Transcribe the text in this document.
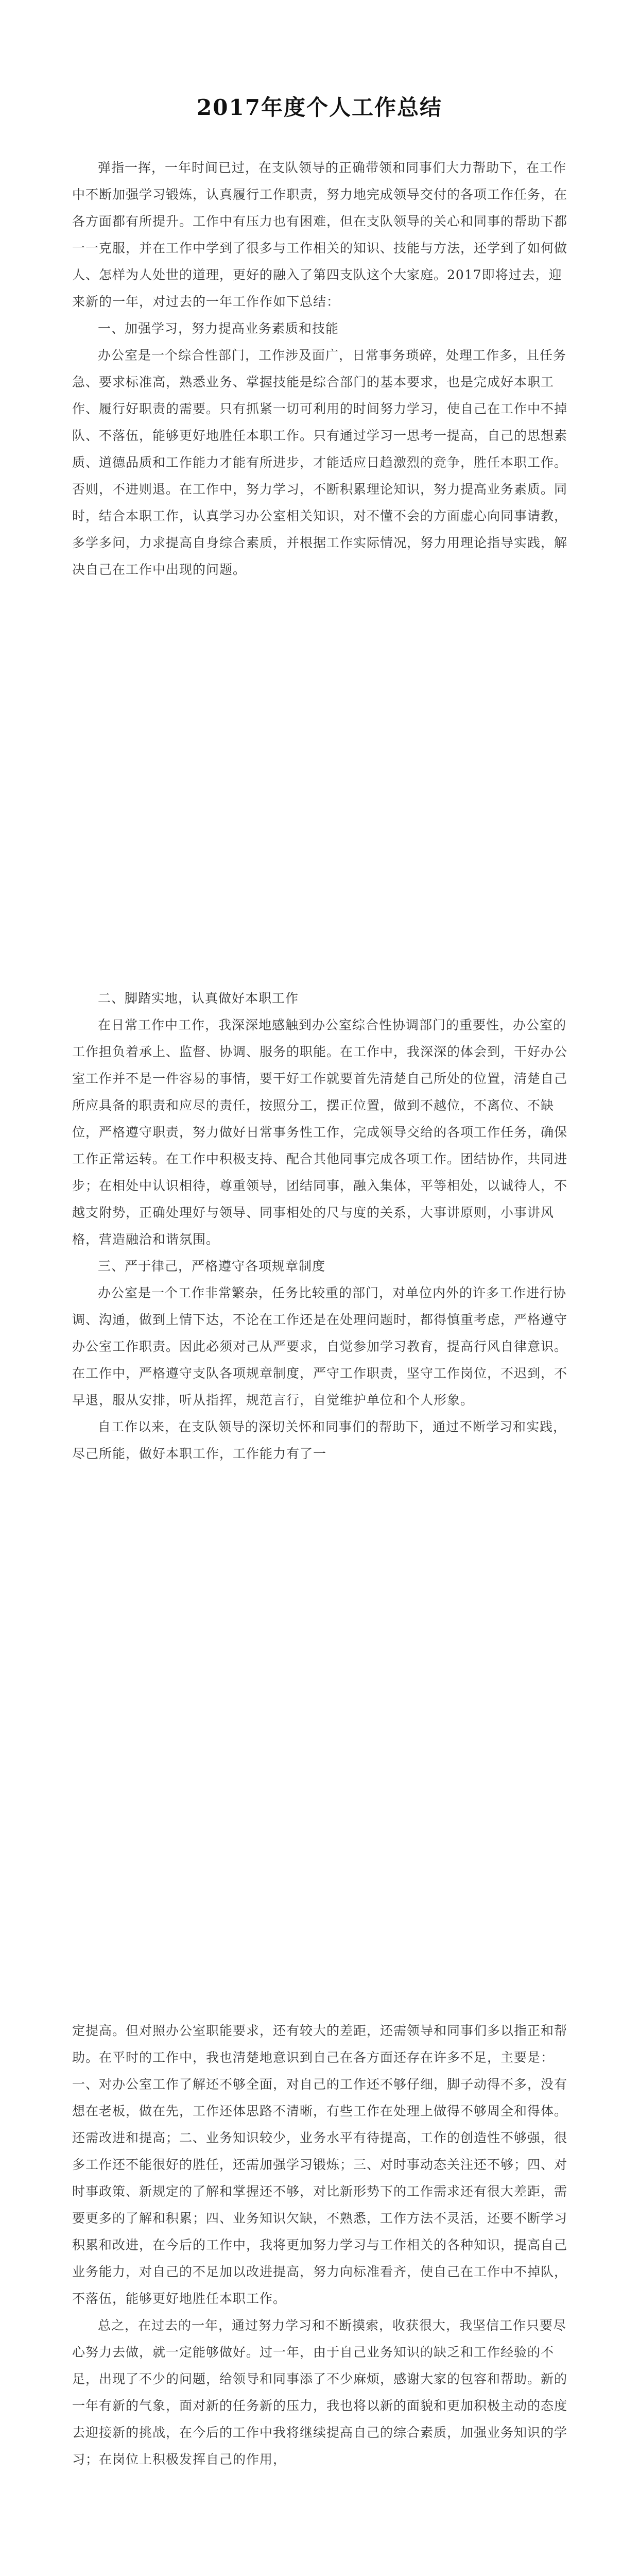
2017年度个人工作总结

弹指一挥，一年时间已过，在支队领导的正确带领和同事们大力帮助下，在工作中不断加强学习锻炼，认真履行工作职责，努力地完成领导交付的各项工作任务，在各方面都有所提升。工作中有压力也有困难，但在支队领导的关心和同事的帮助下都一一克服，并在工作中学到了很多与工作相关的知识、技能与方法，还学到了如何做人、怎样为人处世的道理，更好的融入了第四支队这个大家庭。2017即将过去，迎来新的一年，对过去的一年工作作如下总结：

一、加强学习，努力提高业务素质和技能

办公室是一个综合性部门，工作涉及面广，日常事务琐碎，处理工作多，且任务急、要求标准高，熟悉业务、掌握技能是综合部门的基本要求，也是完成好本职工作、履行好职责的需要。只有抓紧一切可利用的时间努力学习，使自己在工作中不掉队、不落伍，能够更好地胜任本职工作。只有通过学习一思考一提高，自己的思想素质、道德品质和工作能力才能有所进步，才能适应日趋激烈的竞争，胜任本职工作。否则，不进则退。在工作中，努力学习，不断积累理论知识，努力提高业务素质。同时，结合本职工作，认真学习办公室相关知识，对不懂不会的方面虚心向同事请教，多学多问，力求提高自身综合素质，并根据工作实际情况，努力用理论指导实践，解决自己在工作中出现的问题。

二、脚踏实地，认真做好本职工作

在日常工作中工作，我深深地感触到办公室综合性协调部门的重要性，办公室的工作担负着承上、监督、协调、服务的职能。在工作中，我深深的体会到，干好办公室工作并不是一件容易的事情，要干好工作就要首先清楚自己所处的位置，清楚自己所应具备的职责和应尽的责任，按照分工，摆正位置，做到不越位，不离位、不缺位，严格遵守职责，努力做好日常事务性工作，完成领导交给的各项工作任务，确保工作正常运转。在工作中积极支持、配合其他同事完成各项工作。团结协作，共同进步；在相处中认识相待，尊重领导，团结同事，融入集体，平等相处，以诚待人，不越支附势，正确处理好与领导、同事相处的尺与度的关系，大事讲原则，小事讲风格，营造融洽和谐氛围。

三、严于律己，严格遵守各项规章制度

办公室是一个工作非常繁杂，任务比较重的部门，对单位内外的许多工作进行协调、沟通，做到上情下达，不论在工作还是在处理问题时，都得慎重考虑，严格遵守办公室工作职责。因此必须对己从严要求，自觉参加学习教育，提高行风自律意识。在工作中，严格遵守支队各项规章制度，严守工作职责，坚守工作岗位，不迟到，不早退，服从安排，听从指挥，规范言行，自觉维护单位和个人形象。

自工作以来，在支队领导的深切关怀和同事们的帮助下，通过不断学习和实践，尽己所能，做好本职工作，工作能力有了一

定提高。但对照办公室职能要求，还有较大的差距，还需领导和同事们多以指正和帮助。在平时的工作中，我也清楚地意识到自己在各方面还存在许多不足，主要是：一、对办公室工作了解还不够全面，对自己的工作还不够仔细，脚子动得不多，没有想在老板，做在先，工作还体思路不清晰，有些工作在处理上做得不够周全和得体。还需改进和提高；二、业务知识较少，业务水平有待提高，工作的创造性不够强，很多工作还不能很好的胜任，还需加强学习锻炼；三、对时事动态关注还不够；四、对时事政策、新规定的了解和掌握还不够，对比新形势下的工作需求还有很大差距，需要更多的了解和积累；四、业务知识欠缺，不熟悉，工作方法不灵活，还要不断学习积累和改进，在今后的工作中，我将更加努力学习与工作相关的各种知识，提高自己业务能力，对自己的不足加以改进提高，努力向标准看齐，使自己在工作中不掉队，不落伍，能够更好地胜任本职工作。

总之，在过去的一年，通过努力学习和不断摸索，收获很大，我坚信工作只要尽心努力去做，就一定能够做好。过一年，由于自己业务知识的缺乏和工作经验的不足，出现了不少的问题，给领导和同事添了不少麻烦，感谢大家的包容和帮助。新的一年有新的气象，面对新的任务新的压力，我也将以新的面貌和更加积极主动的态度去迎接新的挑战，在今后的工作中我将继续提高自己的综合素质，加强业务知识的学习；在岗位上积极发挥自己的作用，
